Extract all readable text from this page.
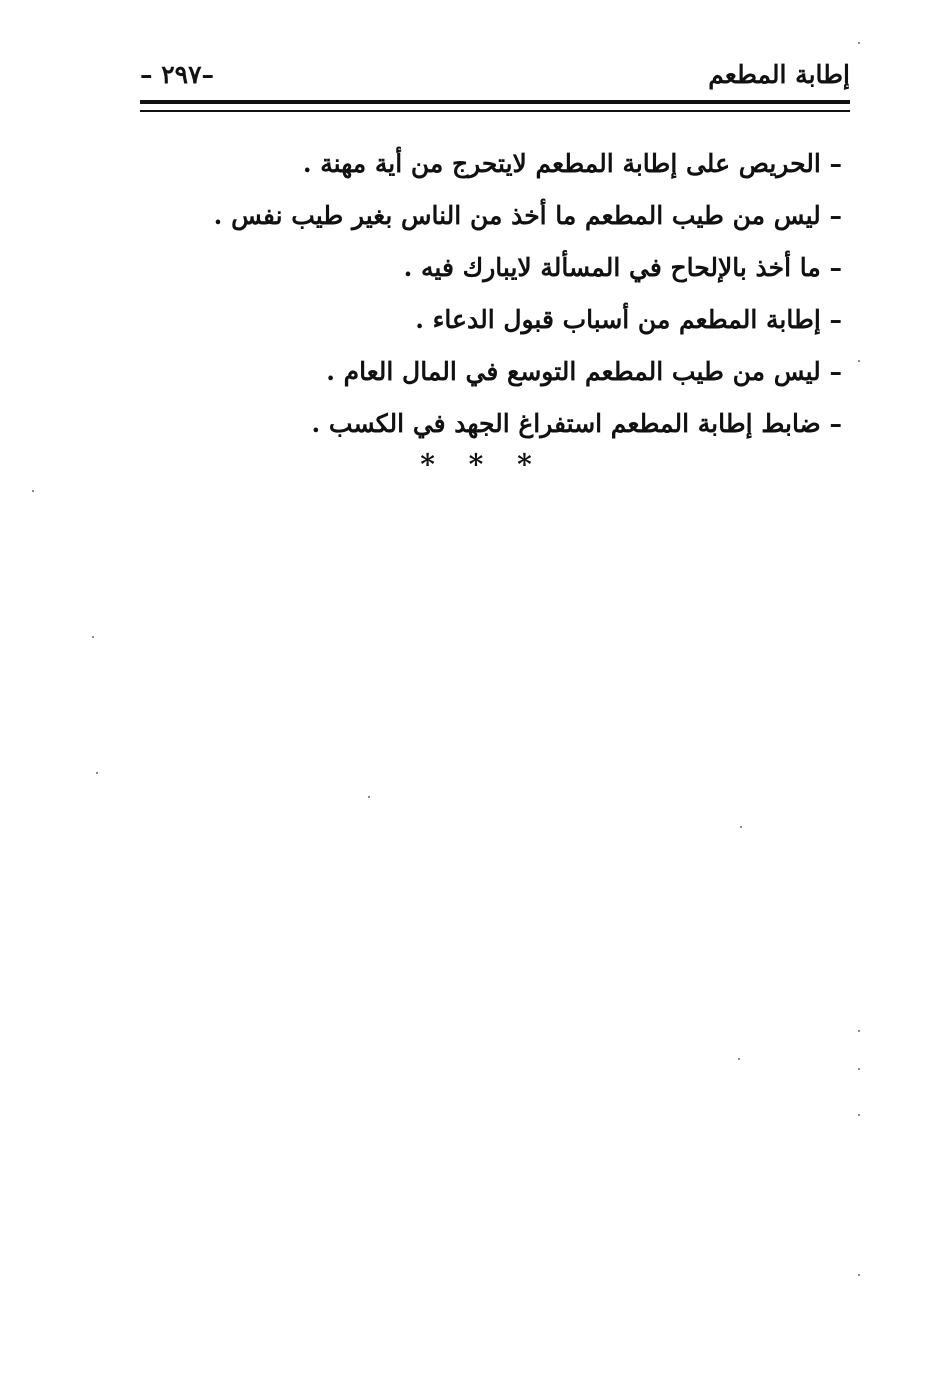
إطابة المطعم
– ٢٩٧–
– الحريص على إطابة المطعم لايتحرج من أية مهنة .
– ليس من طيب المطعم ما أخذ من الناس بغير طيب نفس .
– ما أخذ بالإلحاح في المسألة لايبارك فيه .
– إطابة المطعم من أسباب قبول الدعاء .
– ليس من طيب المطعم التوسع في المال العام .
– ضابط إطابة المطعم استفراغ الجهد في الكسب .
* * *
